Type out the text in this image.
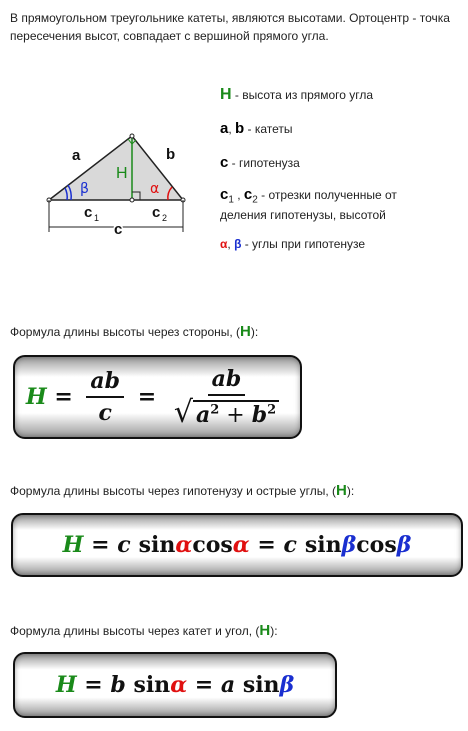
В прямоугольном треугольнике катеты, являются высотами. Ортоцентр - точка пересечения высот, совпадает с вершиной прямого угла.
a	b
H
β	α
c 1	c 2
c
H - высота из прямого угла
a, b - катеты
c - гипотенуза
$c_1$ , $c_2$ - отрезки полученные от
деления гипотенузы, высотой
α, β - углы при гипотенузе
Формула длины высоты через стороны, (H):
$H = \frac{ab}{c} = \frac{ab}{√ a^2 + b^2}$
Формула длины высоты через гипотенузу и острые углы, (H):
H = c sin α cos α = c sin β cos β
Формула длины высоты через катет и угол, (H):
H = b sin α = a sin β
